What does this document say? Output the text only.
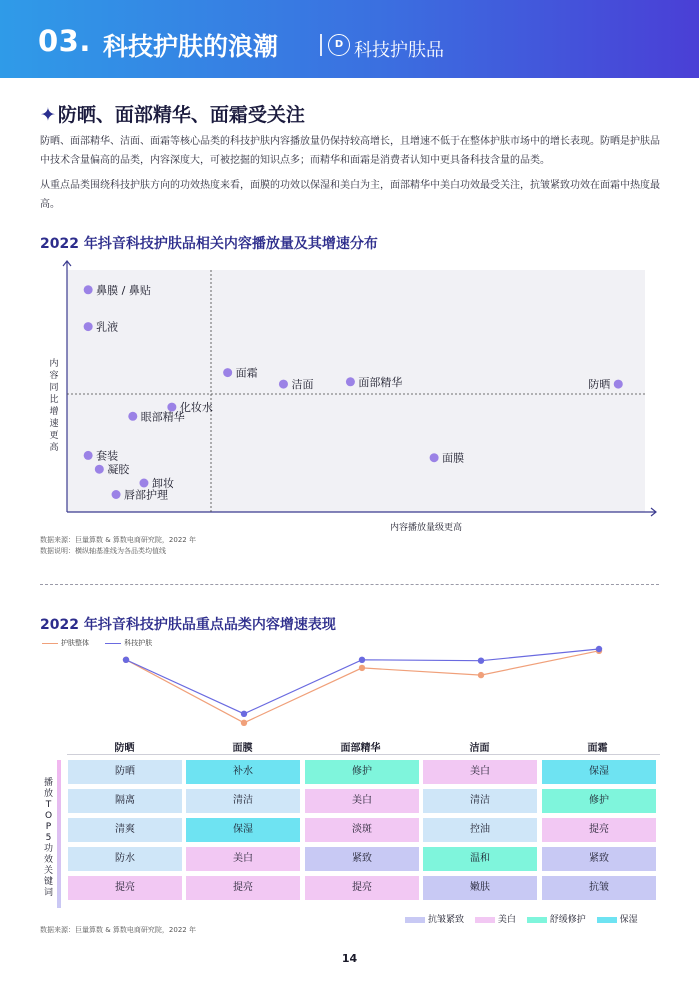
03. 科技护肤的浪潮	D 科技护肤品
✦ 防晒、面部精华、面霜受关注
防晒、面部精华、洁面、面霜等核心品类的科技护肤内容播放量仍保持较高增长，且增速不低于在整体护肤市场中的增长表现。防晒是护肤品中技术含量偏高的品类，内容深度大，可被挖掘的知识点多；而精华和面霜是消费者认知中更具备科技含量的品类。
从重点品类围绕科技护肤方向的功效热度来看，面膜的功效以保湿和美白为主，面部精华中美白功效最受关注，抗皱紧致功效在面霜中热度最高。
2022 年抖音科技护肤品相关内容播放量及其增速分布
内容播放量级更高
鼻膜 / 鼻贴
乳液
面霜
洁面	面部精华	防晒
化妆水
眼部精华
面膜
套装
凝胶
卸妆
唇部护理
内容同比增速更高
数据来源：巨量算数 & 算数电商研究院，2022 年
数据说明：横纵轴基准线为各品类均值线
2022 年抖音科技护肤品重点品类内容增速表现
护肤整体	科技护肤
防晒	面膜	面部精华	洁面	面霜
播放TOP5功效关键词
防晒	补水	修护	美白	保湿
隔离	清洁	美白	清洁	修护
清爽	保湿	淡斑	控油	提亮
防水	美白	紧致	温和	紧致
提亮	提亮	提亮	嫩肤	抗皱
抗皱紧致	美白	舒缓修护	保湿
数据来源：巨量算数 & 算数电商研究院，2022 年
14
